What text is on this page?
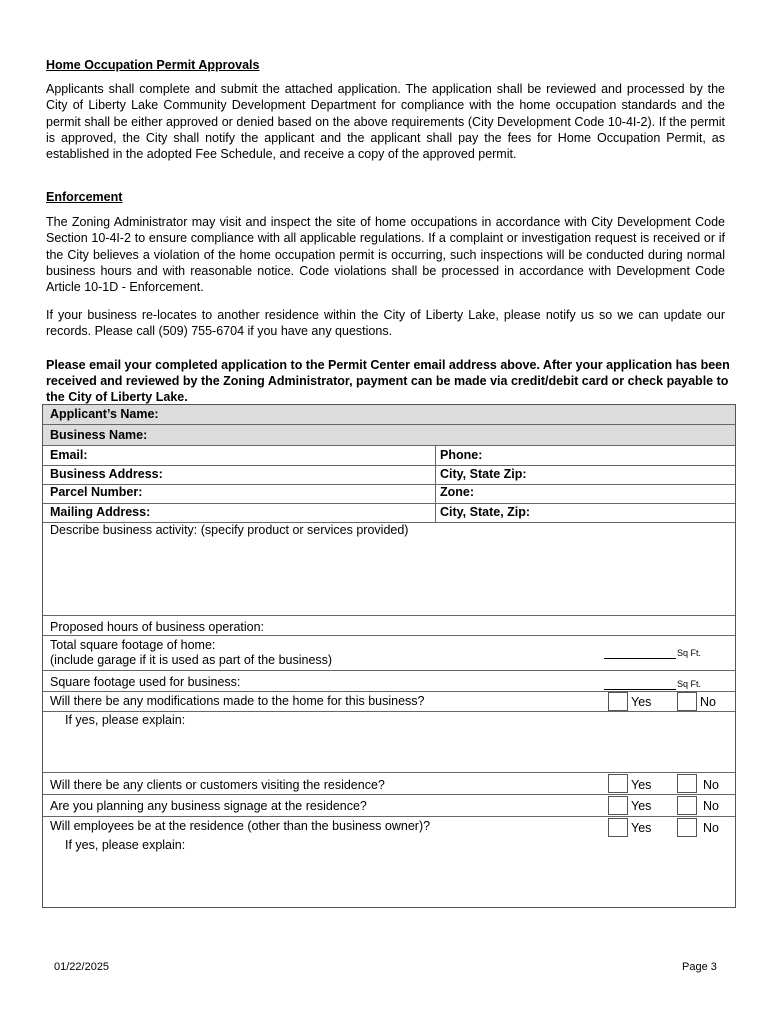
Home Occupation Permit Approvals
Applicants shall complete and submit the attached application. The application shall be reviewed and processed by the City of Liberty Lake Community Development Department for compliance with the home occupation standards and the permit shall be either approved or denied based on the above requirements (City Development Code 10-4I-2). If the permit is approved, the City shall notify the applicant and the applicant shall pay the fees for Home Occupation Permit, as established in the adopted Fee Schedule, and receive a copy of the approved permit.
Enforcement
The Zoning Administrator may visit and inspect the site of home occupations in accordance with City Development Code Section 10-4I-2 to ensure compliance with all applicable regulations. If a complaint or investigation request is received or if the City believes a violation of the home occupation permit is occurring, such inspections will be conducted during normal business hours and with reasonable notice. Code violations shall be processed in accordance with Development Code Article 10-1D - Enforcement.
If your business re-locates to another residence within the City of Liberty Lake, please notify us so we can update our records. Please call (509) 755-6704 if you have any questions.
Please email your completed application to the Permit Center email address above. After your application has been received and reviewed by the Zoning Administrator, payment can be made via credit/debit card or check payable to the City of Liberty Lake.
Applicant’s Name:
Business Name:
Email:	Phone:
Business Address:	City, State Zip:
Parcel Number:	Zone:
Mailing Address:	City, State, Zip:
Describe business activity: (specify product or services provided)
Proposed hours of business operation:
Total square footage of home:
(include garage if it is used as part of the business)	Sq Ft.
Square footage used for business:	Sq Ft.
Will there be any modifications made to the home for this business?	Yes	No
If yes, please explain:
Will there be any clients or customers visiting the residence?	Yes	No
Are you planning any business signage at the residence?	Yes	No
Will employees be at the residence (other than the business owner)?	Yes	No
If yes, please explain:
01/22/2025	Page 3
